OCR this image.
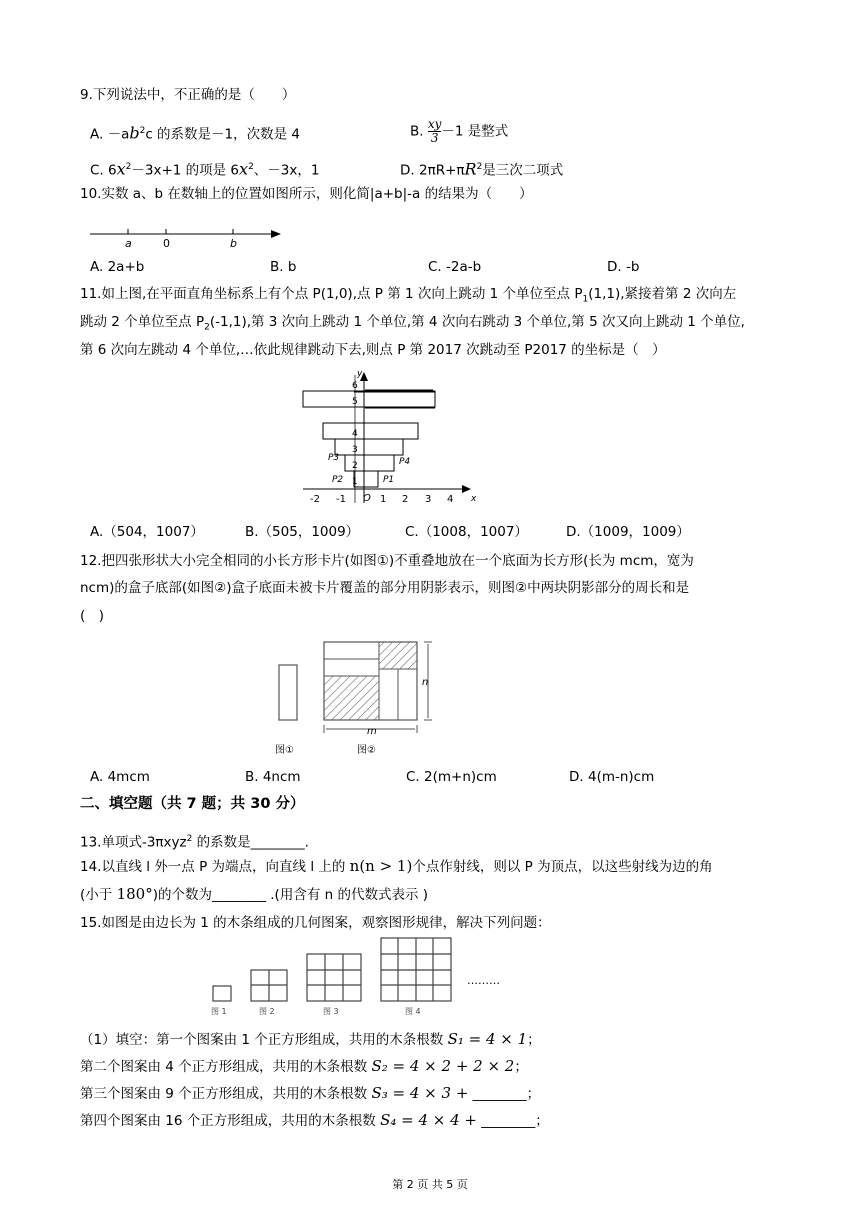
9.下列说法中，不正确的是（　　）
A. $-ab^2c$ 的系数是－1，次数是 4	B. $\frac{xy}{3} -1$ 是整式
C. $6x^2-3x+1$ 的项是 $6x^2$、－3x，1	D. $2\pi R+\pi R^2$是三次二项式
10.实数 a、b 在数轴上的位置如图所示，则化简|a+b|-a 的结果为（　　）
a	0	b
A. 2a+b	B. b	C. -2a-b	D. -b
11.如上图,在平面直角坐标系上有个点 P(1,0),点 P 第 1 次向上跳动 1 个单位至点 $P_1(1,1)$,紧接着第 2 次向左
跳动 2 个单位至点 $P_2(-1,1)$,第 3 次向上跳动 1 个单位,第 4 次向右跳动 3 个单位,第 5 次又向上跳动 1 个单位,
第 6 次向左跳动 4 个单位,…依此规律跳动下去,则点 P 第 2017 次跳动至 P2017 的坐标是（　）
1
2
3
4
5
6
y
x
O
-2 -1	1 2 3 4
P3	P4
P2	P1
A.（504，1007）	B.（505，1009）	C.（1008，1007）	D.（1009，1009）
12.把四张形状大小完全相同的小长方形卡片(如图①)不重叠地放在一个底面为长方形(长为 mcm，宽为
ncm)的盒子底部(如图②)盒子底面未被卡片覆盖的部分用阴影表示，则图②中两块阴影部分的周长和是
(　)
n
m
图①	图②
A. 4mcm	B. 4ncm	C. 2(m+n)cm	D. 4(m-n)cm
二、填空题（共 7 题；共 30 分）
13.单项式-3πxyz$^2$ 的系数是________.
14.以直线 l 外一点 P 为端点，向直线 l 上的 n(n > 1)个点作射线，则以 P 为顶点，以这些射线为边的角
(小于 180°)的个数为________ .(用含有 n 的代数式表示 )
15.如图是由边长为 1 的木条组成的几何图案，观察图形规律，解决下列问题：
图 1	图 2	图 3	图 4
………
（1）填空：第一个图案由 1 个正方形组成，共用的木条根数 S₁ = 4 × 1；
第二个图案由 4 个正方形组成，共用的木条根数 S₂ = 4 × 2 + 2 × 2；
第三个图案由 9 个正方形组成，共用的木条根数 S₃ = 4 × 3 + ________；
第四个图案由 16 个正方形组成，共用的木条根数 S₄ = 4 × 4 + ________；
第 2 页 共 5 页
